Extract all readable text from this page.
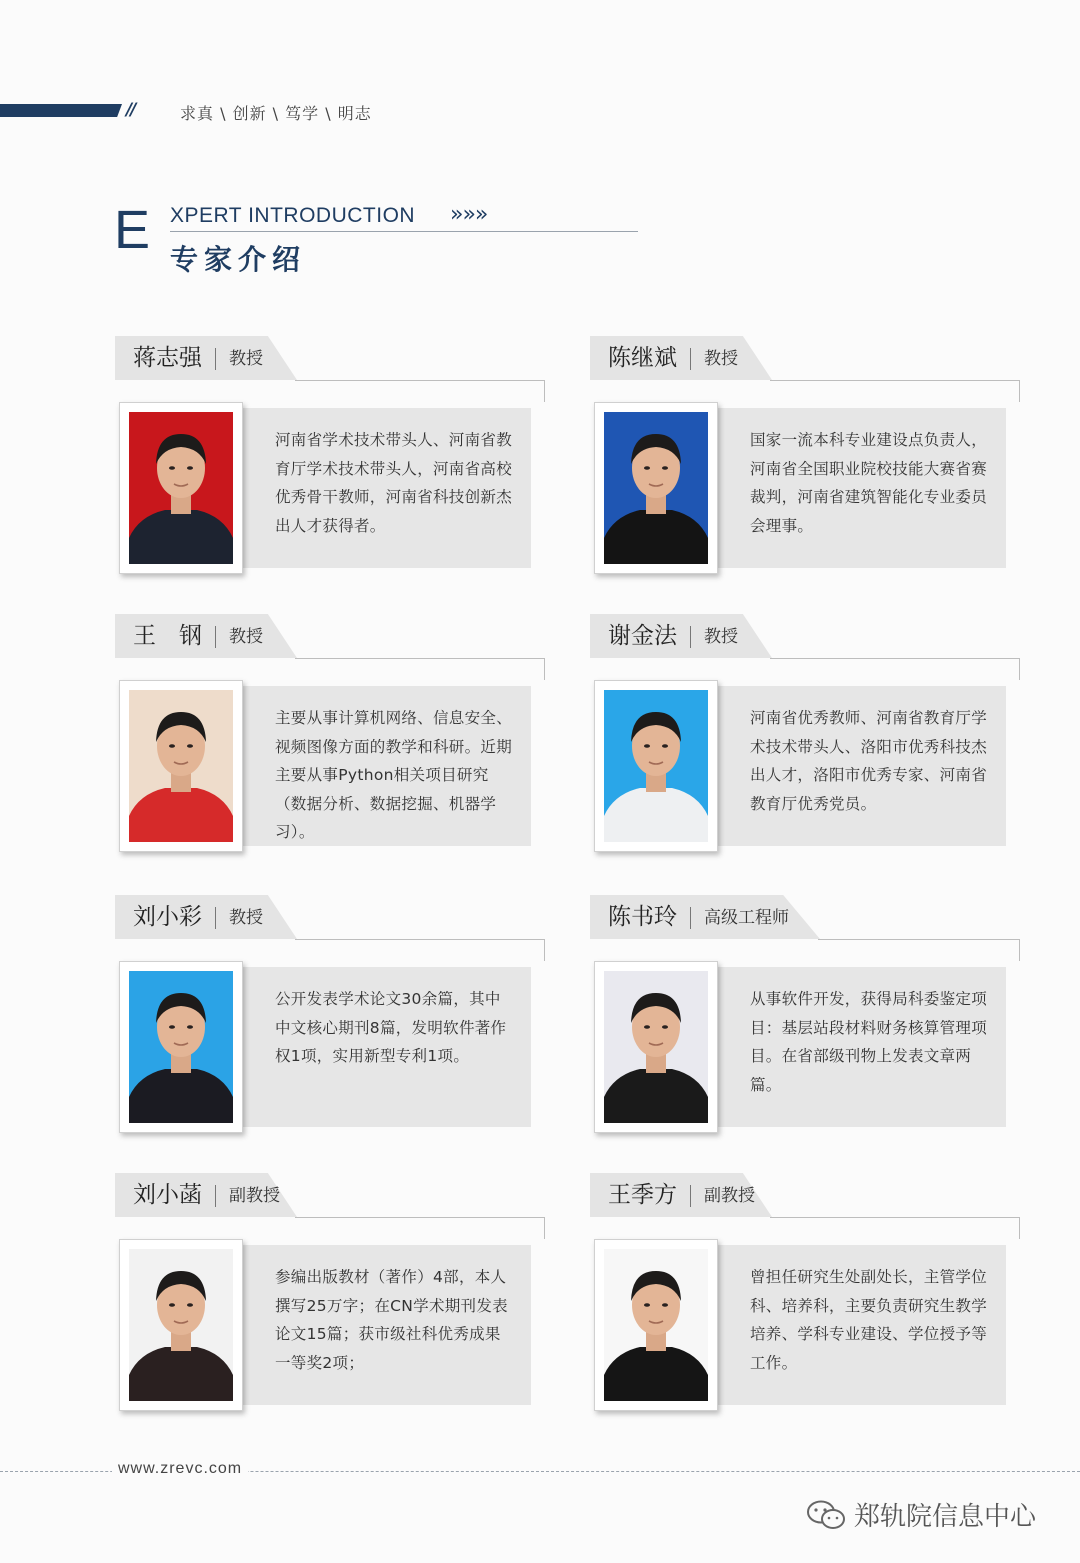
//	求真 \ 创新 \ 笃学 \ 明志
E XPERT INTRODUCTION »»»
专家介绍
蒋志强 教授
河南省学术技术带头人、河南省教育厅学术技术带头人，河南省高校优秀骨干教师，河南省科技创新杰出人才获得者。
陈继斌 教授
国家一流本科专业建设点负责人，河南省全国职业院校技能大赛省赛裁判，河南省建筑智能化专业委员会理事。
王　钢 教授
主要从事计算机网络、信息安全、视频图像方面的教学和科研。近期主要从事Python相关项目研究（数据分析、数据挖掘、机器学习）。
谢金法 教授
河南省优秀教师、河南省教育厅学术技术带头人、洛阳市优秀科技杰出人才，洛阳市优秀专家、河南省教育厅优秀党员。
刘小彩 教授
公开发表学术论文30余篇，其中中文核心期刊8篇，发明软件著作权1项，实用新型专利1项。
陈书玲 高级工程师
从事软件开发，获得局科委鉴定项目：基层站段材料财务核算管理项目。在省部级刊物上发表文章两篇。
刘小菡 副教授
参编出版教材（著作）4部，本人撰写25万字；在CN学术期刊发表论文15篇；获市级社科优秀成果一等奖2项；
王季方 副教授
曾担任研究生处副处长，主管学位科、培养科，主要负责研究生教学培养、学科专业建设、学位授予等工作。
www.zrevc.com
郑轨院信息中心
